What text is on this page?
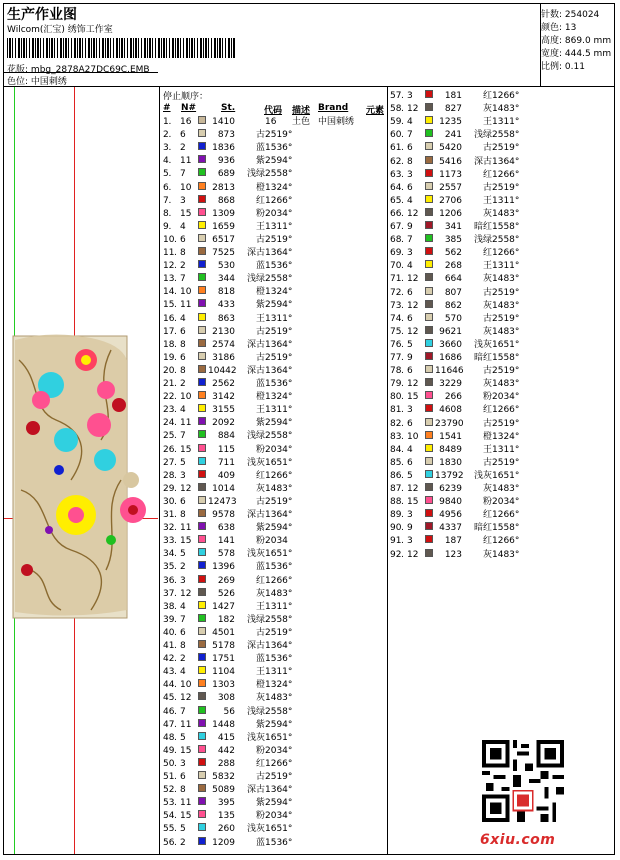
生产作业图
Wilcom(汇宝) 绣饰工作室
花版: mbg_2878A27DC69C.EMB
色位: 中国刺绣
针数: 254024
颜色: 13
高度: 869.0 mm
宽度: 444.5 mm
比例: 0.11
停止顺序：
# N#	St.	代码 描述 Brand 元素
1 . 16	1410	16 土色 中国刺绣
2 . 6	873	古 2519°
3 . 2	1836	蓝 1536°
4 . 11	936	紫 2594°
5 . 7	689	浅绿 2558°
6 . 10	2813	橙 1324°
7 . 3	868	红 1266°
8 . 15	1309	粉 2034°
9 . 4	1659	王 1311°
10 . 6	6517	古 2519°
11 . 8	7525	深古 1364°
12 . 2	530	蓝 1536°
13 . 7	344	浅绿 2558°
14 . 10	818	橙 1324°
15 . 11	433	紫 2594°
16 . 4	863	王 1311°
17 . 6	2130	古 2519°
18 . 8	2574	深古 1364°
19 . 6	3186	古 2519°
20 . 8 10442	深古 1364°
21 . 2	2562	蓝 1536°
22 . 10	3142	橙 1324°
23 . 4	3155	王 1311°
24 . 11	2092	紫 2594°
25 . 7	884	浅绿 2558°
26 . 15	115	粉 2034°
27 . 5	711	浅灰 1651°
28 . 3	409	红 1266°
29 . 12	1014	灰 1483°
30 . 6 12473	古 2519°
31 . 8	9578	深古 1364°
32 . 11	638	紫 2594°
33 . 15	141	粉 2034
34 . 5	578	浅灰 1651°
35 . 2	1396	蓝 1536°
36 . 3	269	红 1266°
37 . 12	526	灰 1483°
38 . 4	1427	王 1311°
39 . 7	182	浅绿 2558°
40 . 6	4501	古 2519°
41 . 8	5178	深古 1364°
42 . 2	1751	蓝 1536°
43 . 4	1104	王 1311°
44 . 10	1303	橙 1324°
45 . 12	308	灰 1483°
46 . 7	56	浅绿 2558°
47 . 11	1448	紫 2594°
48 . 5	415	浅灰 1651°
49 . 15	442	粉 2034°
50 . 3	288	红 1266°
51 . 6	5832	古 2519°
52 . 8	5089	深古 1364°
53 . 11	395	紫 2594°
54 . 15	135	粉 2034°
55 . 5	260	浅灰 1651°
56 . 2	1209	蓝 1536°
57 . 3	181	红 1266°
58 . 12	827	灰 1483°
59 . 4	1235	王 1311°
60 . 7	241	浅绿 2558°
61 . 6	5420	古 2519°
62 . 8	5416	深古 1364°
63 . 3	1173	红 1266°
64 . 6	2557	古 2519°
65 . 4	2706	王 1311°
66 . 12	1206	灰 1483°
67 . 9	341	暗红 1558°
68 . 7	385	浅绿 2558°
69 . 3	562	红 1266°
70 . 4	268	王 1311°
71 . 12	664	灰 1483°
72 . 6	807	古 2519°
73 . 12	862	灰 1483°
74 . 6	570	古 2519°
75 . 12	9621	灰 1483°
76 . 5	3660	浅灰 1651°
77 . 9	1686	暗红 1558°
78 . 6 11646	古 2519°
79 . 12	3229	灰 1483°
80 . 15	266	粉 2034°
81 . 3	4608	红 1266°
82 . 6 23790	古 2519°
83 . 10	1541	橙 1324°
84 . 4	8489	王 1311°
85 . 6	1830	古 2519°
86 . 5 13792	浅灰 1651°
87 . 12	6239	灰 1483°
88 . 15	9840	粉 2034°
89 . 3	4956	红 1266°
90 . 9	4337	暗红 1558°
91 . 3	187	红 1266°
92 . 12	123	灰 1483°
6xiu.com
